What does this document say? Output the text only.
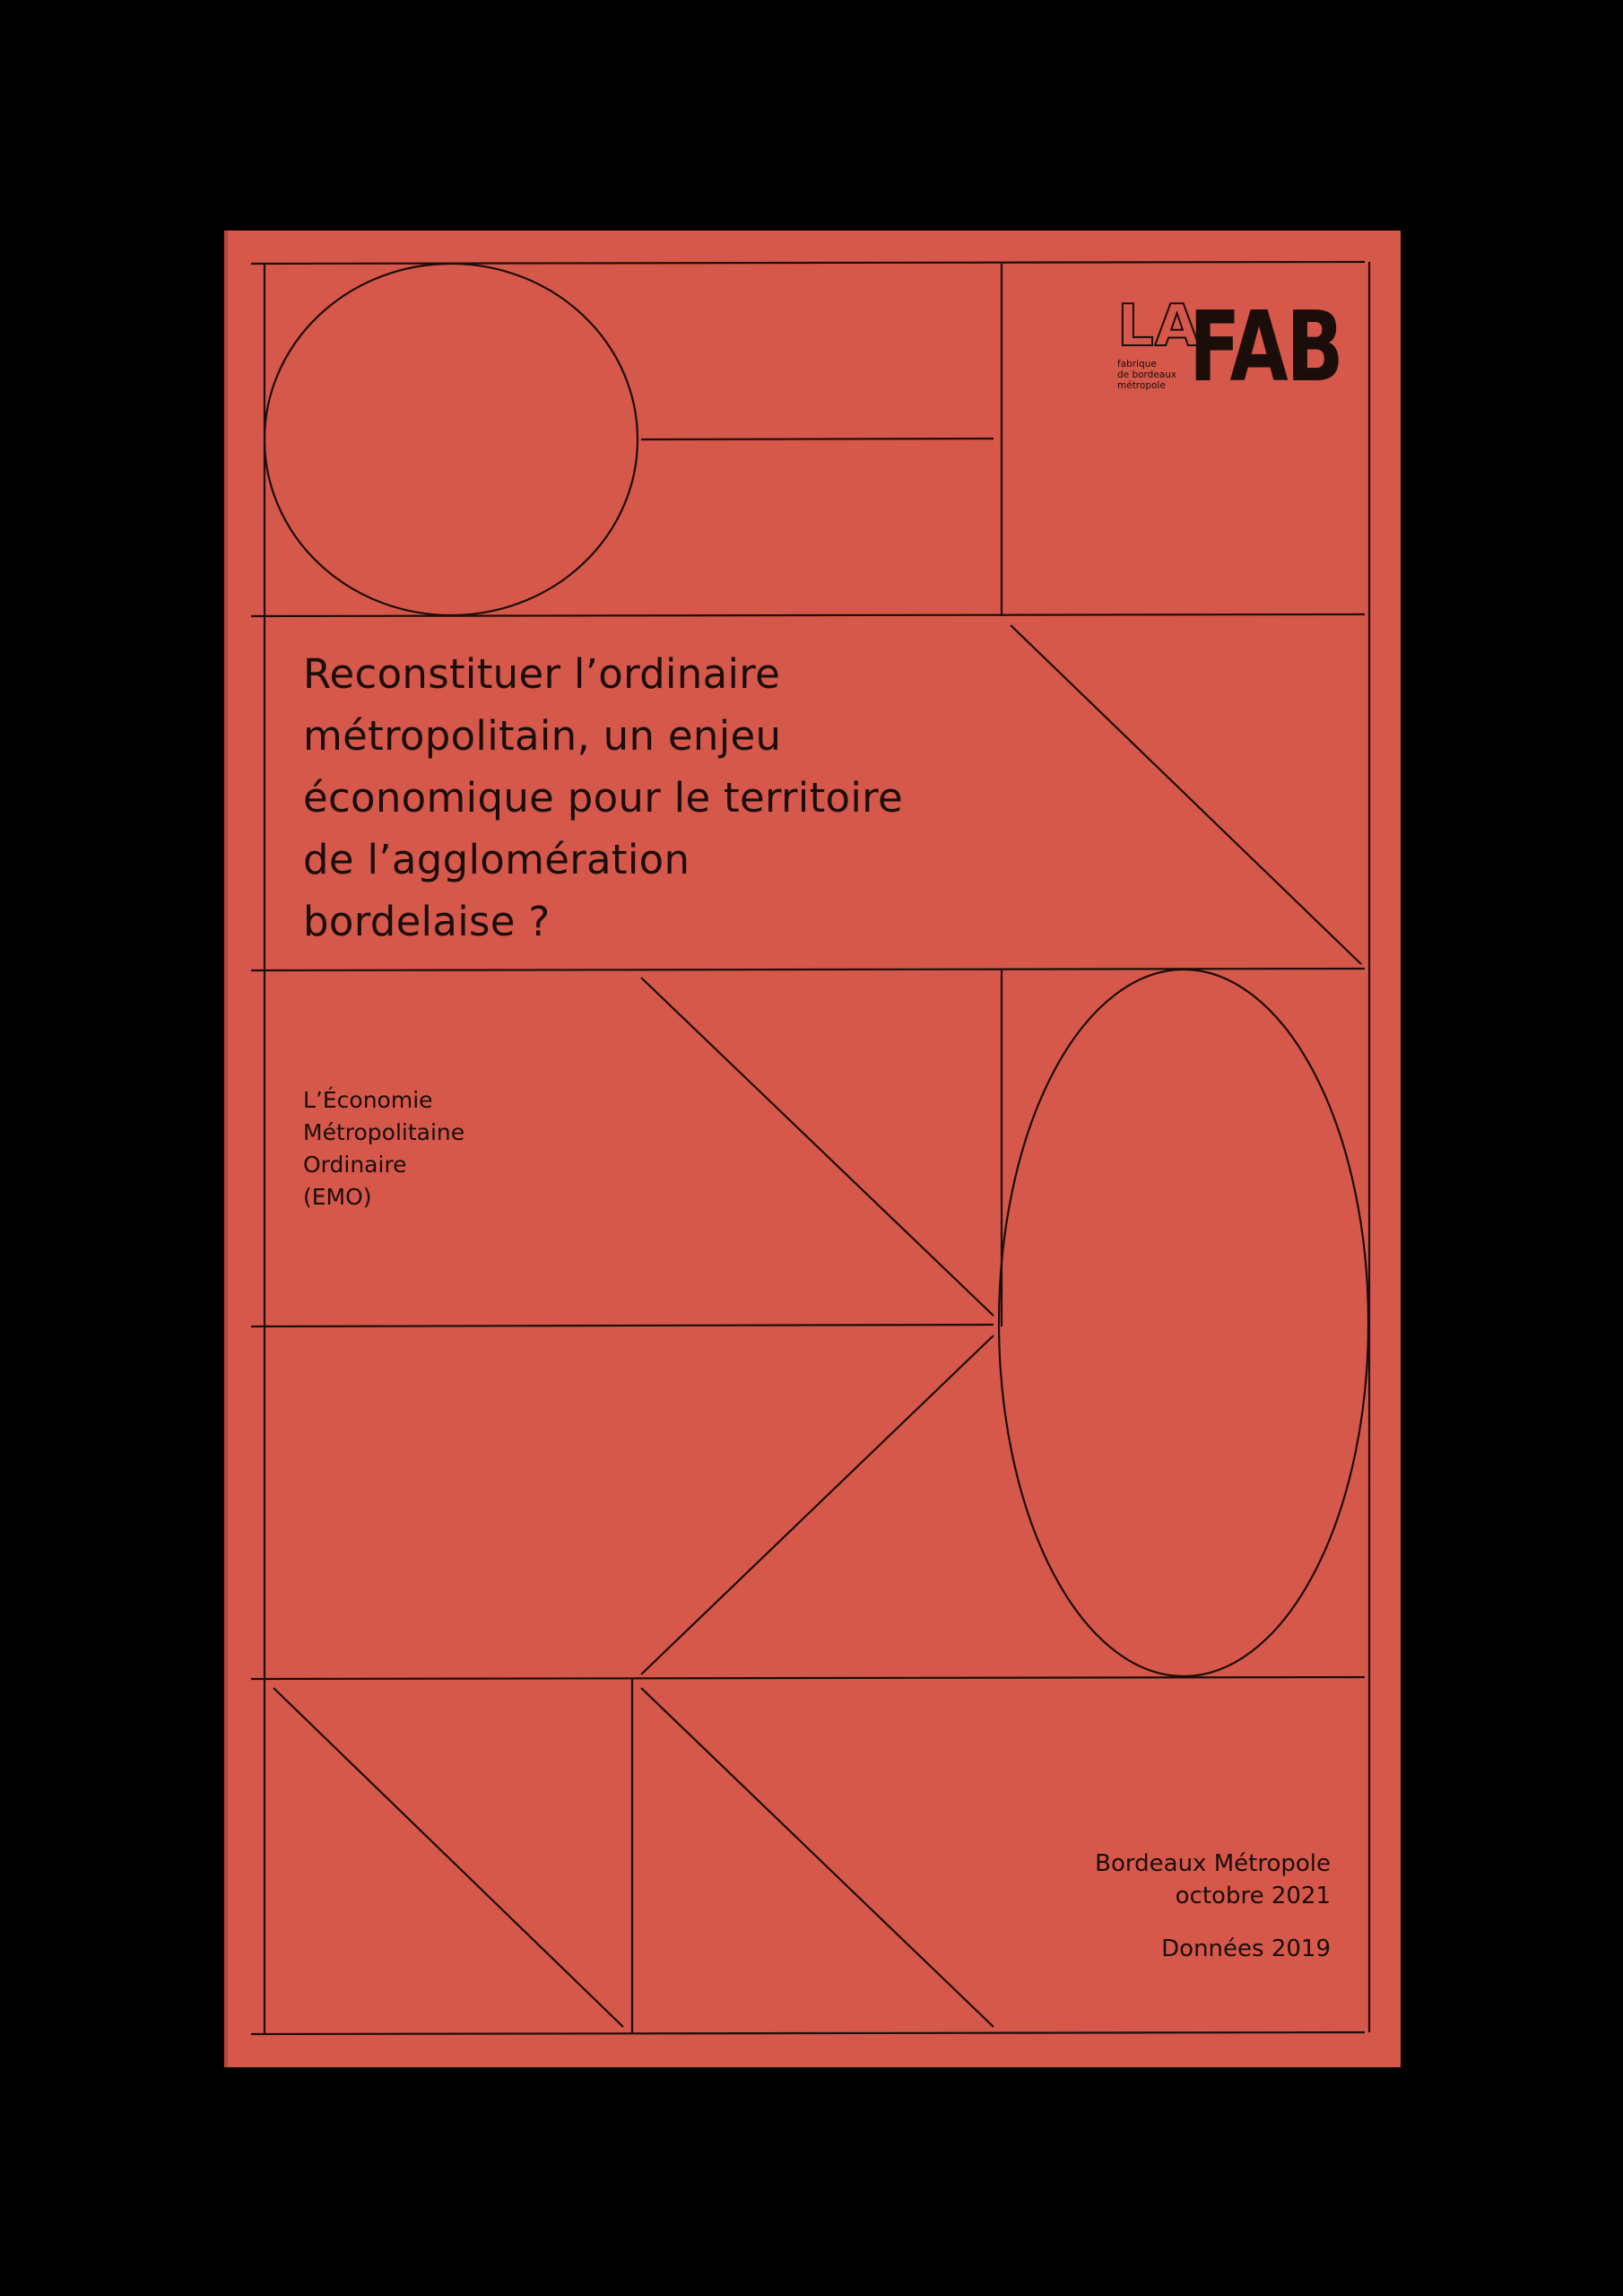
LA
FAB
fabrique
de bordeaux
métropole
Reconstituer l’ordinaire
métropolitain, un enjeu
économique pour le territoire
de l’agglomération
bordelaise ?
L’Économie
Métropolitaine
Ordinaire
(EMO)
Bordeaux Métropole
octobre 2021
Données 2019
